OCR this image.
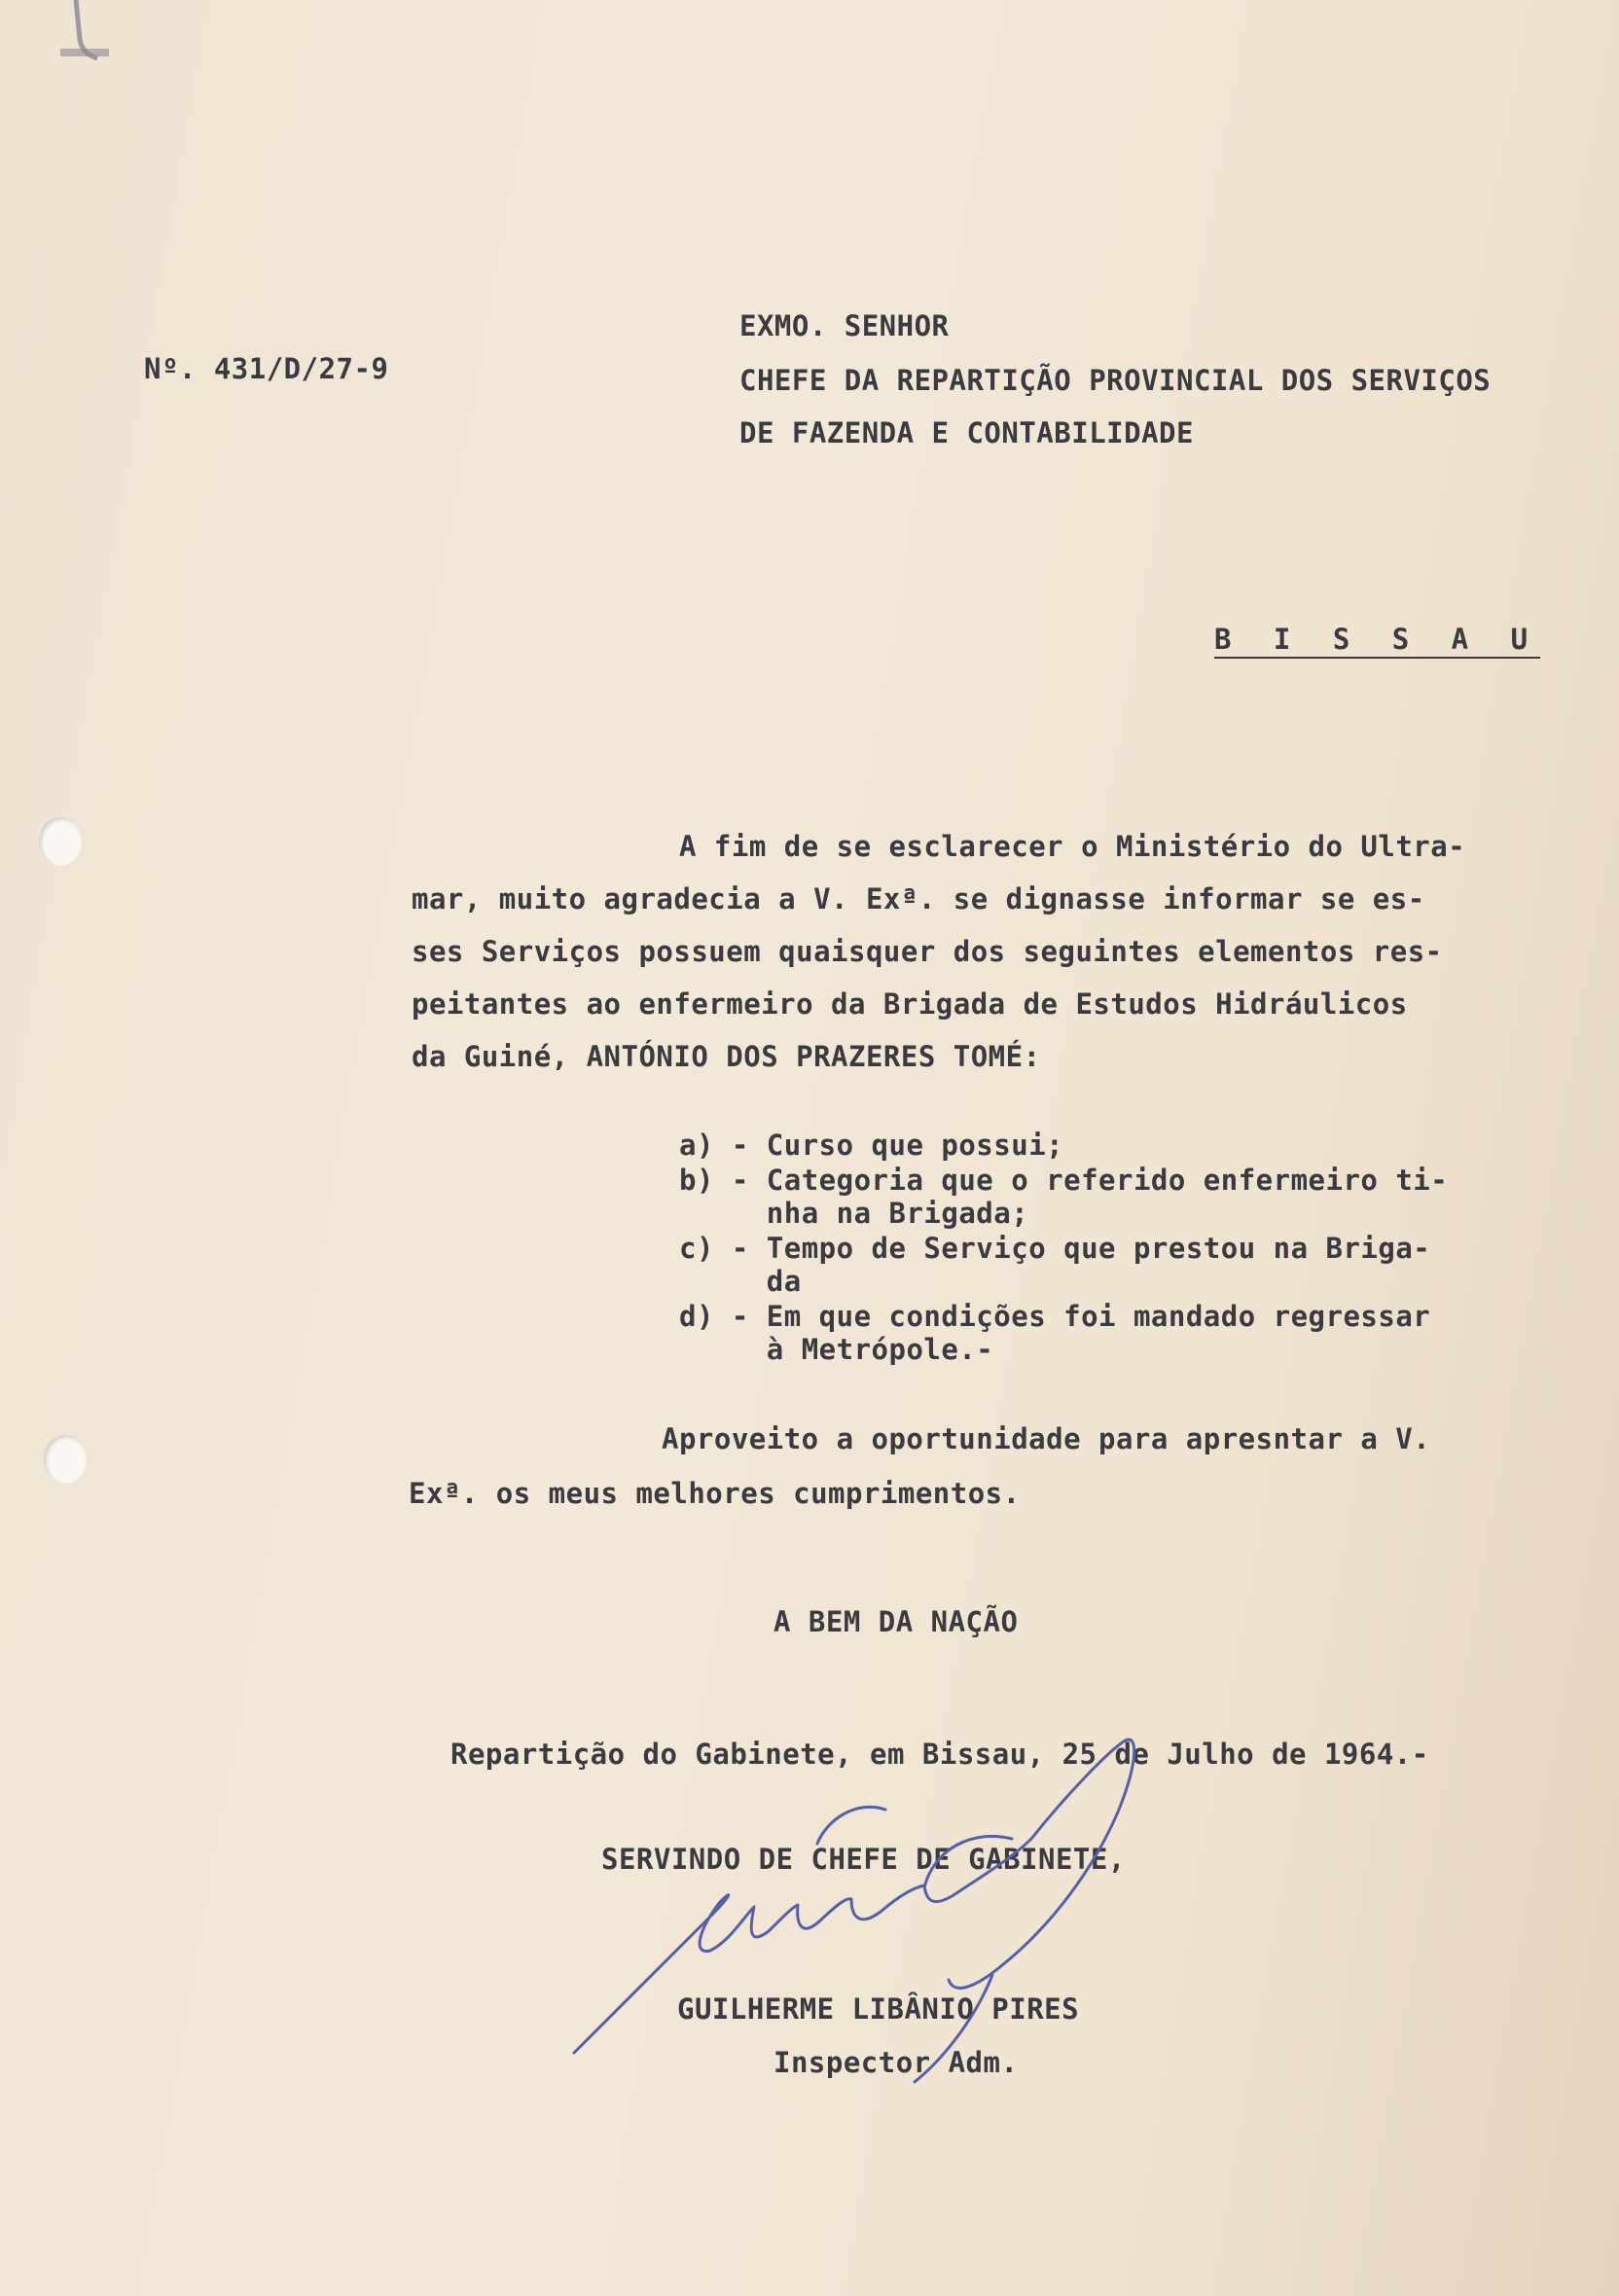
Nº. 431/D/27-9
EXMO. SENHOR
CHEFE DA REPARTIÇÃO PROVINCIAL DOS SERVIÇOS
DE FAZENDA E CONTABILIDADE
B I S S A U
A fim de se esclarecer o Ministério do Ultra-
mar, muito agradecia a V. Exª. se dignasse informar se es-
ses Serviços possuem quaisquer dos seguintes elementos res-
peitantes ao enfermeiro da Brigada de Estudos Hidráulicos
da Guiné, ANTÓNIO DOS PRAZERES TOMÉ:
a) - Curso que possui;
b) - Categoria que o referido enfermeiro ti-
nha na Brigada;
c) - Tempo de Serviço que prestou na Briga-
da
d) - Em que condições foi mandado regressar
à Metrópole.-
Aproveito a oportunidade para apresntar a V.
Exª. os meus melhores cumprimentos.
A BEM DA NAÇÃO
Repartição do Gabinete, em Bissau, 25 de Julho de 1964.-
SERVINDO DE CHEFE DE GABINETE,
GUILHERME LIBÂNIO PIRES
Inspector Adm.
